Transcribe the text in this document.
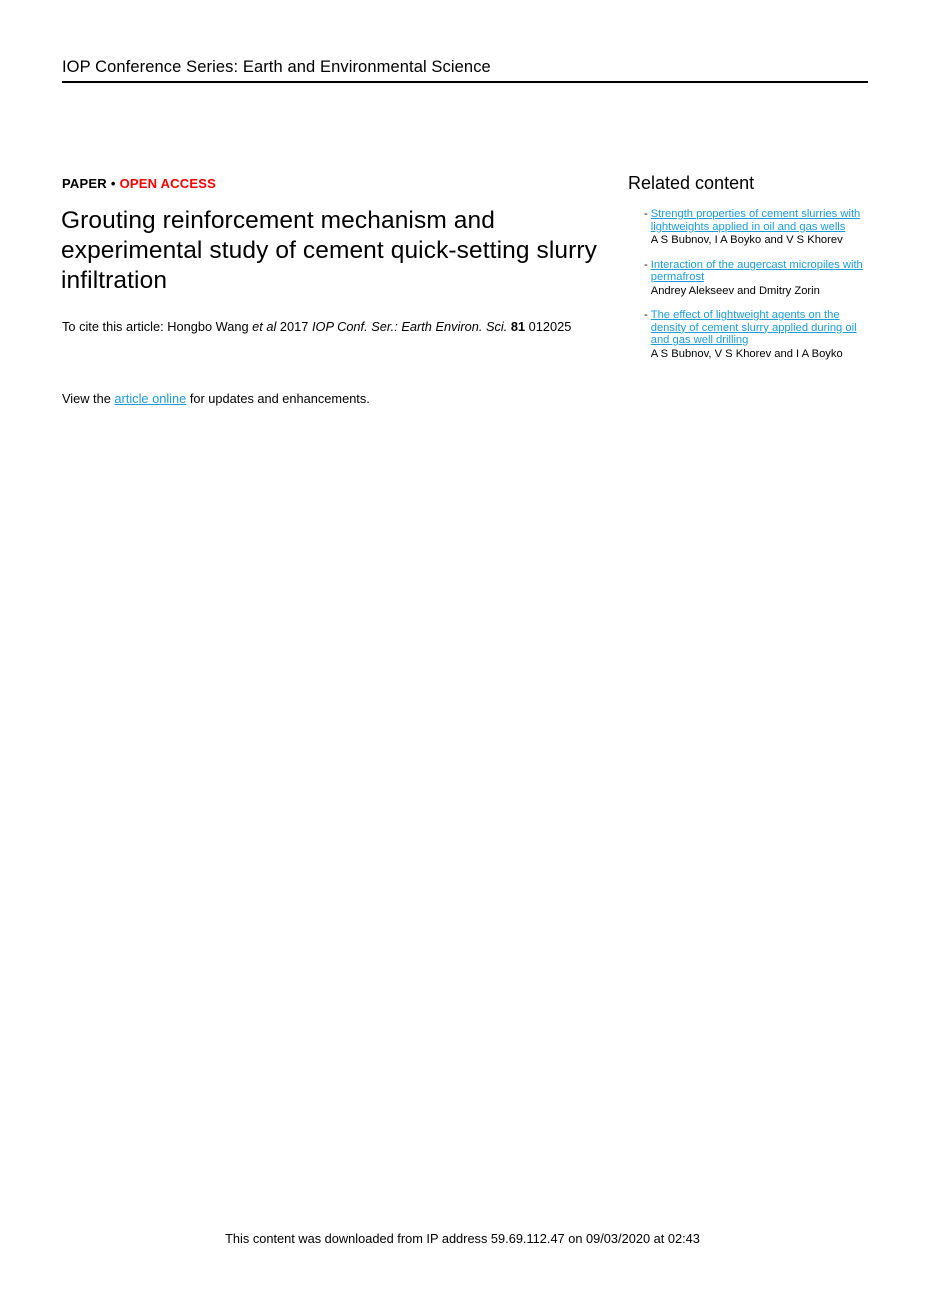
IOP Conference Series: Earth and Environmental Science
PAPER • OPEN ACCESS
Grouting reinforcement mechanism and experimental study of cement quick-setting slurry infiltration
To cite this article: Hongbo Wang et al 2017 IOP Conf. Ser.: Earth Environ. Sci. 81 012025
View the article online for updates and enhancements.
Related content
- Strength properties of cement slurries with lightweights applied in oil and gas wells
A S Bubnov, I A Boyko and V S Khorev
- Interaction of the augercast micropiles with permafrost
Andrey Alekseev and Dmitry Zorin
- The effect of lightweight agents on the density of cement slurry applied during oil and gas well drilling
A S Bubnov, V S Khorev and I A Boyko
This content was downloaded from IP address 59.69.112.47 on 09/03/2020 at 02:43
